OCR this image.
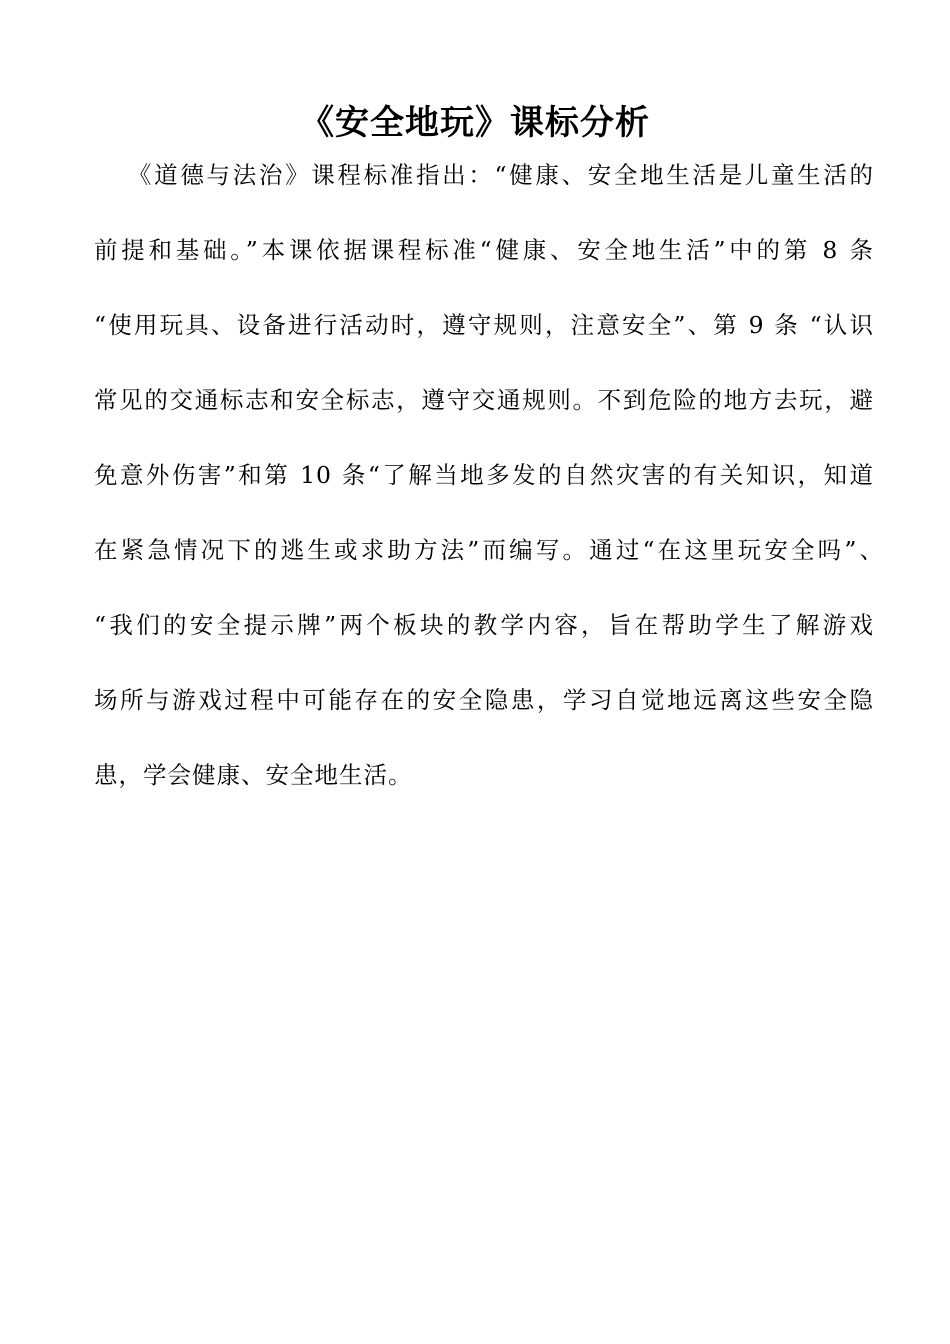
《安全地玩》课标分析
《道德与法治》课程标准指出：“健康、安全地生活是儿童生活的
前提和基础。”本课依据课程标准“健康、安全地生活”中的第 8 条
“使用玩具、设备进行活动时，遵守规则，注意安全”、第 9 条 “认识
常见的交通标志和安全标志，遵守交通规则。不到危险的地方去玩，避
免意外伤害”和第 10 条“了解当地多发的自然灾害的有关知识，知道
在紧急情况下的逃生或求助方法”而编写。通过“在这里玩安全吗”、
“我们的安全提示牌”两个板块的教学内容，旨在帮助学生了解游戏
场所与游戏过程中可能存在的安全隐患，学习自觉地远离这些安全隐
患，学会健康、安全地生活。
